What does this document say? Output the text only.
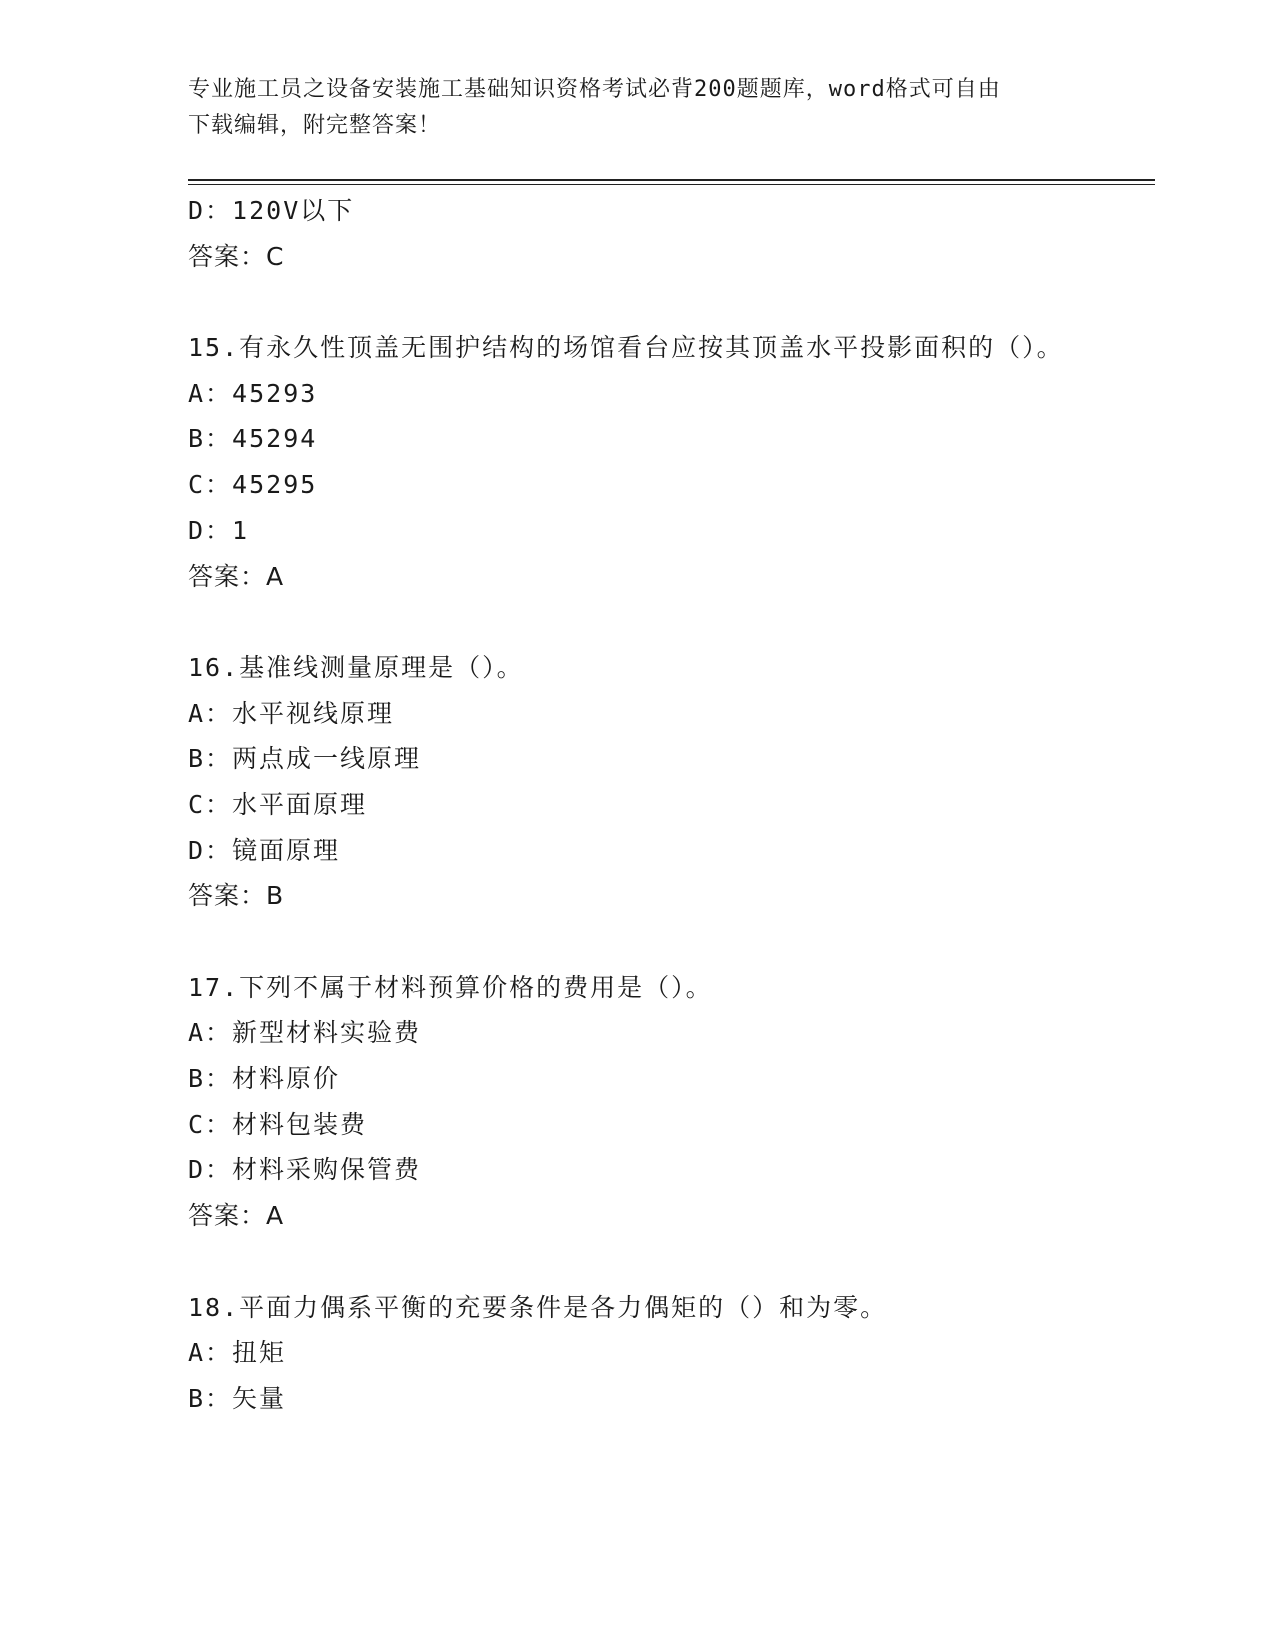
专业施工员之设备安装施工基础知识资格考试必背200题题库，word格式可自由
下载编辑，附完整答案！
D：120V以下
答案：C
15.有永久性顶盖无围护结构的场馆看台应按其顶盖水平投影面积的（）。
A：45293
B：45294
C：45295
D：1
答案：A
16.基准线测量原理是（）。
A：水平视线原理
B：两点成一线原理
C：水平面原理
D：镜面原理
答案：B
17.下列不属于材料预算价格的费用是（）。
A：新型材料实验费
B：材料原价
C：材料包装费
D：材料采购保管费
答案：A
18.平面力偶系平衡的充要条件是各力偶矩的（）和为零。
A：扭矩
B：矢量
